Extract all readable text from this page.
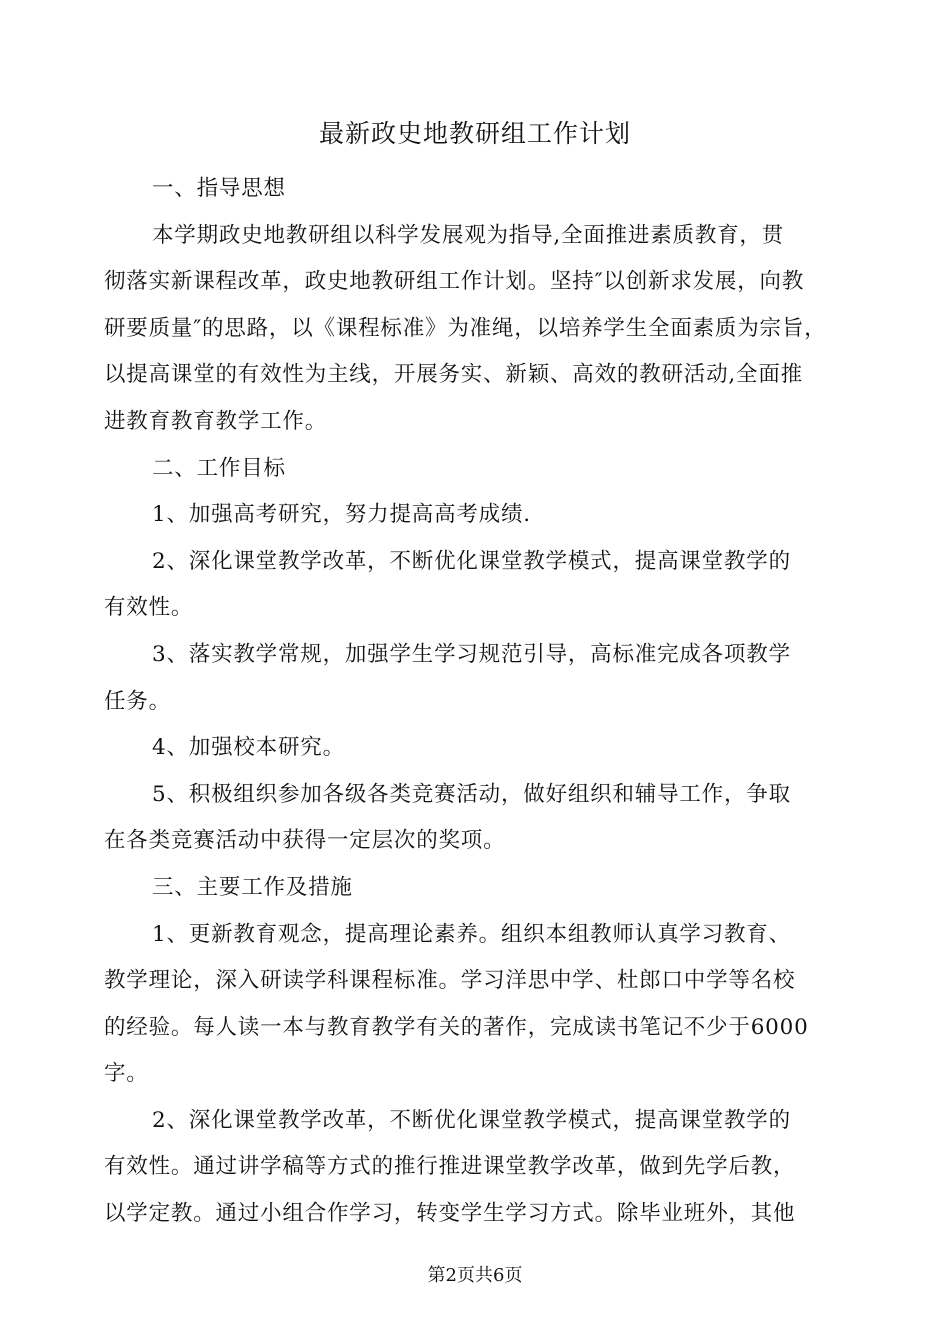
最新政史地教研组工作计划
一、指导思想
本学期政史地教研组以科学发展观为指导,全面推进素质教育，贯
彻落实新课程改革，政史地教研组工作计划。坚持″以创新求发展，向教
研要质量″的思路，以《课程标准》为准绳，以培养学生全面素质为宗旨，
以提高课堂的有效性为主线，开展务实、新颖、高效的教研活动,全面推
进教育教育教学工作。
二、工作目标
1、加强高考研究，努力提高高考成绩.
2、深化课堂教学改革，不断优化课堂教学模式，提高课堂教学的
有效性。
3、落实教学常规，加强学生学习规范引导，高标准完成各项教学
任务。
4、加强校本研究。
5、积极组织参加各级各类竞赛活动，做好组织和辅导工作，争取
在各类竞赛活动中获得一定层次的奖项。
三、主要工作及措施
1、更新教育观念，提高理论素养。组织本组教师认真学习教育、
教学理论，深入研读学科课程标准。学习洋思中学、杜郎口中学等名校
的经验。每人读一本与教育教学有关的著作，完成读书笔记不少于6000
字。
2、深化课堂教学改革，不断优化课堂教学模式，提高课堂教学的
有效性。通过讲学稿等方式的推行推进课堂教学改革，做到先学后教，
以学定教。通过小组合作学习，转变学生学习方式。除毕业班外，其他
第2页共6页
